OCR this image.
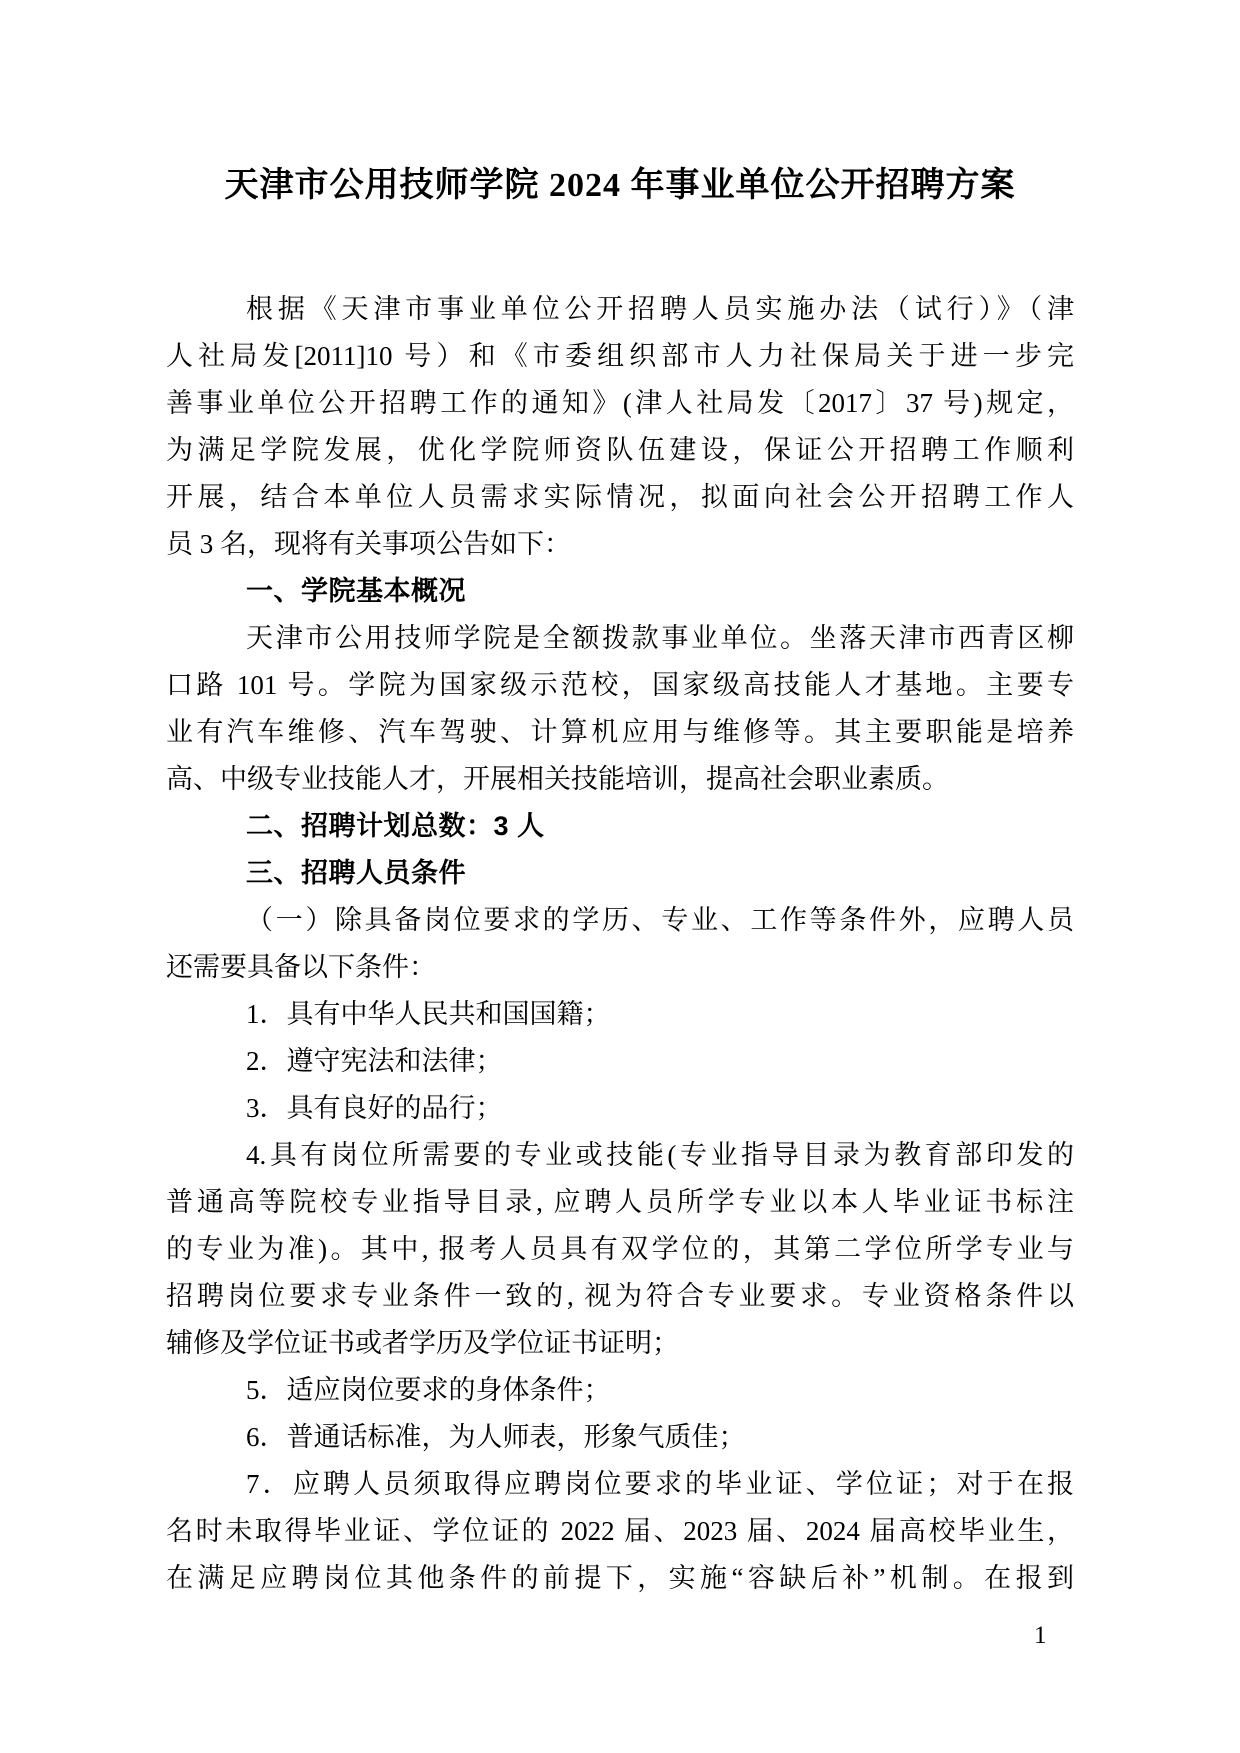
天津市公用技师学院 2024 年事业单位公开招聘方案
根据《天津市事业单位公开招聘人员实施办法（试行）》（津
人社局发[2011]10 号）和《市委组织部市人力社保局关于进一步完
善事业单位公开招聘工作的通知》(津人社局发〔2017〕37 号)规定，
为满足学院发展，优化学院师资队伍建设，保证公开招聘工作顺利
开展，结合本单位人员需求实际情况，拟面向社会公开招聘工作人
员 3 名，现将有关事项公告如下：
一、学院基本概况
天津市公用技师学院是全额拨款事业单位。坐落天津市西青区柳
口路 101 号。学院为国家级示范校，国家级高技能人才基地。主要专
业有汽车维修、汽车驾驶、计算机应用与维修等。其主要职能是培养
高、中级专业技能人才，开展相关技能培训，提高社会职业素质。
二、招聘计划总数：3 人
三、招聘人员条件
（一）除具备岗位要求的学历、专业、工作等条件外，应聘人员
还需要具备以下条件：
1．具有中华人民共和国国籍；
2．遵守宪法和法律；
3．具有良好的品行；
4.具有岗位所需要的专业或技能(专业指导目录为教育部印发的
普通高等院校专业指导目录, 应聘人员所学专业以本人毕业证书标注
的专业为准)。其中, 报考人员具有双学位的，其第二学位所学专业与
招聘岗位要求专业条件一致的, 视为符合专业要求。专业资格条件以
辅修及学位证书或者学历及学位证书证明；
5．适应岗位要求的身体条件；
6．普通话标准，为人师表，形象气质佳；
7．应聘人员须取得应聘岗位要求的毕业证、学位证；对于在报
名时未取得毕业证、学位证的 2022 届、2023 届、2024 届高校毕业生，
在满足应聘岗位其他条件的前提下，实施“容缺后补”机制。在报到
1
